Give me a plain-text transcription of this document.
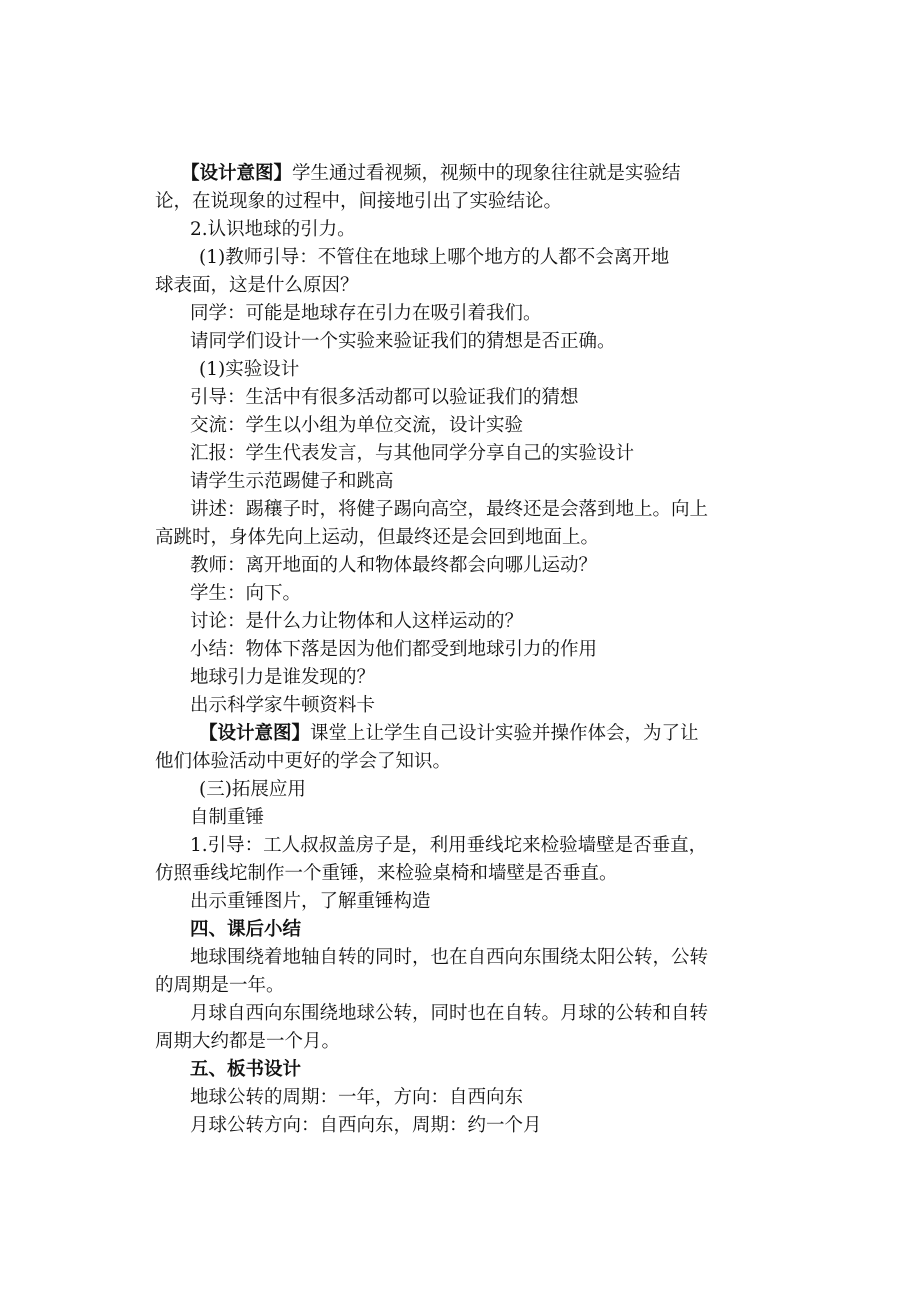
【设计意图】学生通过看视频，视频中的现象往往就是实验结

论，在说现象的过程中，间接地引出了实验结论。

2.认识地球的引力。

(1)教师引导：不管住在地球上哪个地方的人都不会离开地

球表面，这是什么原因？

同学：可能是地球存在引力在吸引着我们。

请同学们设计一个实验来验证我们的猜想是否正确。

(1)实验设计

引导：生活中有很多活动都可以验证我们的猜想

交流：学生以小组为单位交流，设计实验

汇报：学生代表发言，与其他同学分享自己的实验设计

请学生示范踢健子和跳高

讲述：踢穰子时，将健子踢向高空，最终还是会落到地上。向上

高跳时，身体先向上运动，但最终还是会回到地面上。

教师：离开地面的人和物体最终都会向哪儿运动？

学生：向下。

讨论：是什么力让物体和人这样运动的？

小结：物体下落是因为他们都受到地球引力的作用

地球引力是谁发现的？

出示科学家牛顿资料卡

【设计意图】课堂上让学生自己设计实验并操作体会，为了让

他们体验活动中更好的学会了知识。

(三)拓展应用

自制重锤

1.引导：工人叔叔盖房子是，利用垂线坨来检验墙壁是否垂直，

仿照垂线坨制作一个重锤，来检验桌椅和墙壁是否垂直。

出示重锤图片，了解重锤构造

四、课后小结

地球围绕着地轴自转的同时，也在自西向东围绕太阳公转，公转

的周期是一年。

月球自西向东围绕地球公转，同时也在自转。月球的公转和自转

周期大约都是一个月。

五、板书设计

地球公转的周期：一年，方向：自西向东

月球公转方向：自西向东，周期：约一个月
